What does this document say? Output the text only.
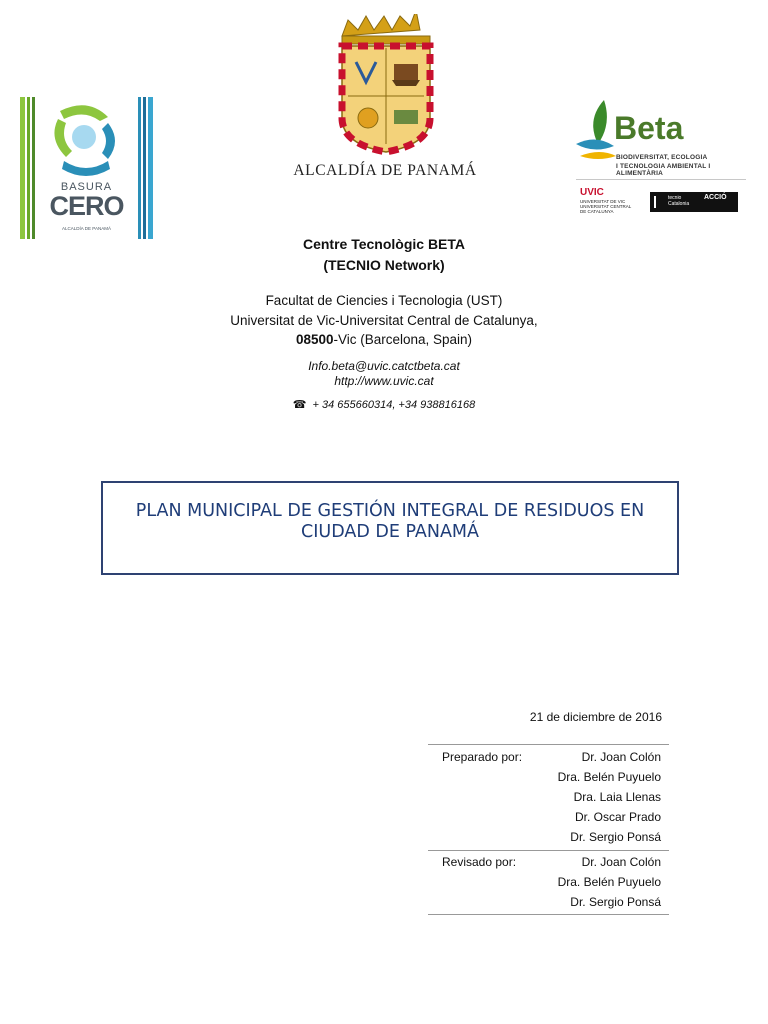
BASURA
CERO
ALCALDÍA DE PANAMÁ
ALCALDÍA DE PANAMÁ
Beta
BIODIVERSITAT, ECOLOGIA
I TECNOLOGIA AMBIENTAL I ALIMENTÀRIA
UVIC
UNIVERSITAT DE VIC
UNIVERSITAT CENTRAL
DE CATALUNYA
tecnio
Catalonia
ACCIÓ
Centre Tecnològic BETA
(TECNIO Network)
Facultat de Ciencies i Tecnologia (UST)
Universitat de Vic-Universitat Central de Catalunya,
08500-Vic (Barcelona, Spain)
Info.beta@uvic.catctbeta.cat
http://www.uvic.cat
☎ + 34 655660314, +34 938816168
PLAN MUNICIPAL DE GESTIÓN INTEGRAL DE RESIDUOS EN
CIUDAD DE PANAMÁ
21 de diciembre de 2016
Preparado por:	Dr. Joan Colón
Dra. Belén Puyuelo
Dra. Laia Llenas
Dr. Oscar Prado
Dr. Sergio Ponsá
Revisado por:	Dr. Joan Colón
Dra. Belén Puyuelo
Dr. Sergio Ponsá
